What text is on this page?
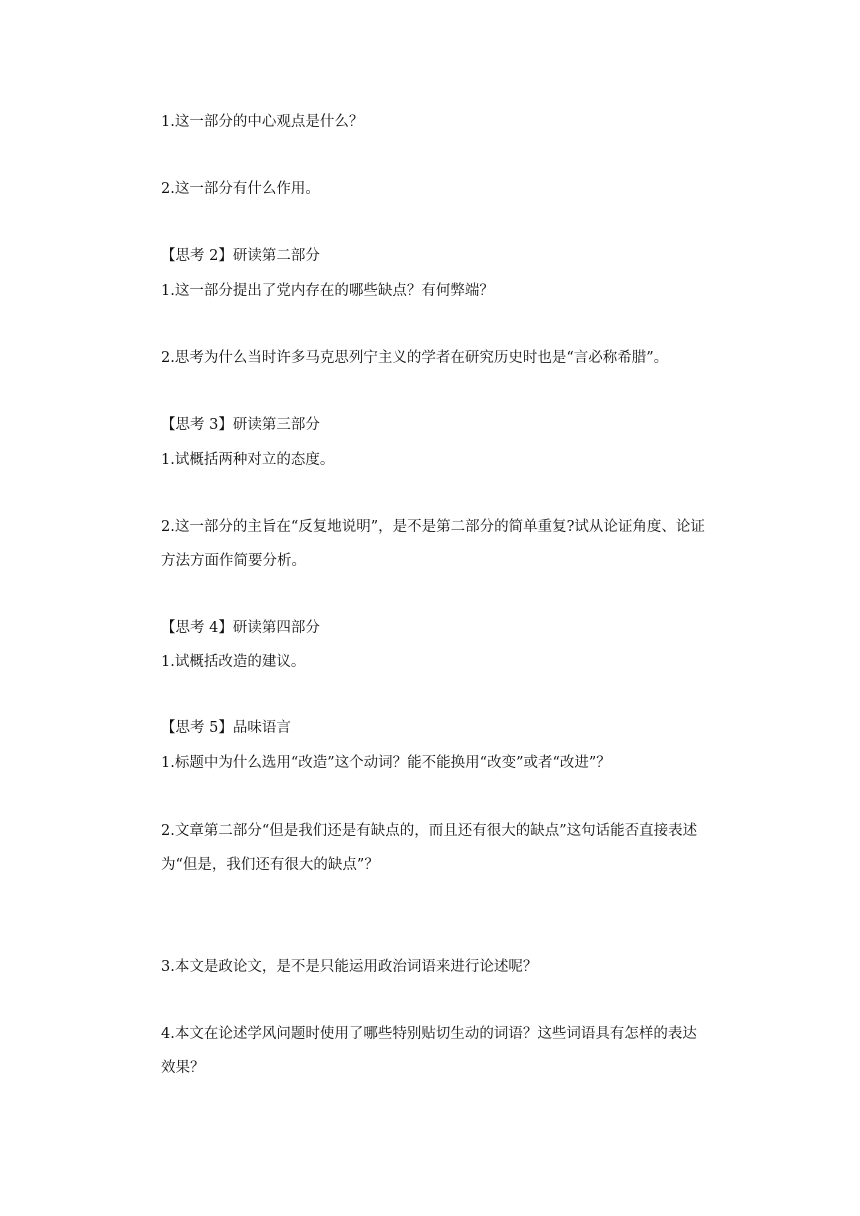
1.这一部分的中心观点是什么？

2.这一部分有什么作用。

【思考 2】研读第二部分

1.这一部分提出了党内存在的哪些缺点？有何弊端？

2.思考为什么当时许多马克思列宁主义的学者在研究历史时也是“言必称希腊”。

【思考 3】研读第三部分

1.试概括两种对立的态度。

2.这一部分的主旨在“反复地说明”，是不是第二部分的简单重复?试从论证角度、论证

方法方面作简要分析。

【思考 4】研读第四部分

1.试概括改造的建议。

【思考 5】品味语言

1.标题中为什么选用“改造”这个动词？能不能换用“改变”或者“改进”？

2.文章第二部分“但是我们还是有缺点的，而且还有很大的缺点”这句话能否直接表述

为“但是，我们还有很大的缺点”？

3.本文是政论文，是不是只能运用政治词语来进行论述呢？

4.本文在论述学风问题时使用了哪些特别贴切生动的词语？这些词语具有怎样的表达

效果？
